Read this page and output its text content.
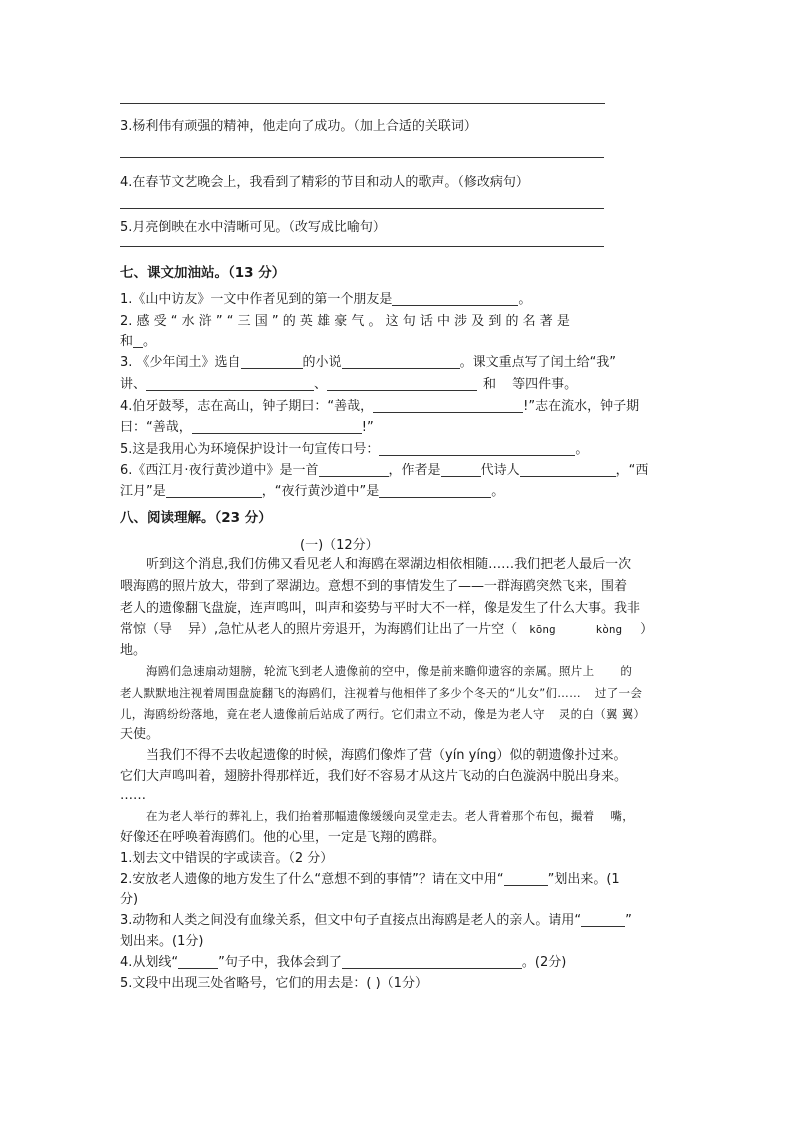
3.杨利伟有顽强的精神，他走向了成功。（加上合适的关联词）
4.在春节文艺晚会上，我看到了精彩的节目和动人的歌声。（修改病句）
5.月亮倒映在水中清晰可见。（改写成比喻句）
七、课文加油站。（13 分）
1.《山中访友》一文中作者见到的第一个朋友是	。
2. 感 受 “ 水 浒 ” “ 三 国 ” 的 英 雄 豪 气 。 这 句 话 中 涉 及 到 的 名 著 是
和 。
3. 《少年闰土》选自	的小说	。课文重点写了闰土给“我”
讲、	、	和 等四件事。
4.伯牙鼓琴，志在高山，钟子期曰：“善哉，	!”志在流水，钟子期
曰：“善哉，	!”
5.这是我用心为环境保护设计一句宣传口号：	。
6.《西江月·夜行黄沙道中》是一首	，作者是	代诗人	，“西
江月”是	，“夜行黄沙道中”是	。
八、阅读理解。（23 分）
(一)（12分）
听到这个消息,我们仿佛又看见老人和海鸥在翠湖边相依相随……我们把老人最后一次
喂海鸥的照片放大，带到了翠湖边。意想不到的事情发生了——一群海鸥突然飞来，围着
老人的遗像翻飞盘旋，连声鸣叫，叫声和姿势与平时大不一样，像是发生了什么大事。我非
常惊（导 异）,急忙从老人的照片旁退开，为海鸥们让出了一片空（ kōng	kòng ）
地。
海鸥们急速扇动翅膀，轮流飞到老人遗像前的空中，像是前来瞻仰遗容的亲属。照片上 的
老人默默地注视着周围盘旋翻飞的海鸥们，注视着与他相伴了多少个冬天的“儿女”们…… 过了一会
儿，海鸥纷纷落地，竟在老人遗像前后站成了两行。它们肃立不动，像是为老人守 灵的白（翼 翼）
天使。
当我们不得不去收起遗像的时候，海鸥们像炸了营（yín yíng）似的朝遗像扑过来。
它们大声鸣叫着，翅膀扑得那样近，我们好不容易才从这片飞动的白色漩涡中脱出身来。
……
在为老人举行的葬礼上，我们抬着那幅遗像缓缓向灵堂走去。老人背着那个布包，撮着 嘴，
好像还在呼唤着海鸥们。他的心里，一定是飞翔的鸥群。
1.划去文中错误的字或读音。（2 分）
2.安放老人遗像的地方发生了什么“意想不到的事情”？请在文中用“	”划出来。(1
分)
3.动物和人类之间没有血缘关系，但文中句子直接点出海鸥是老人的亲人。请用“	”
划出来。(1分)
4.从划线“	”句子中，我体会到了	。(2分)
5.文段中出现三处省略号，它们的用去是：( )（1分）
